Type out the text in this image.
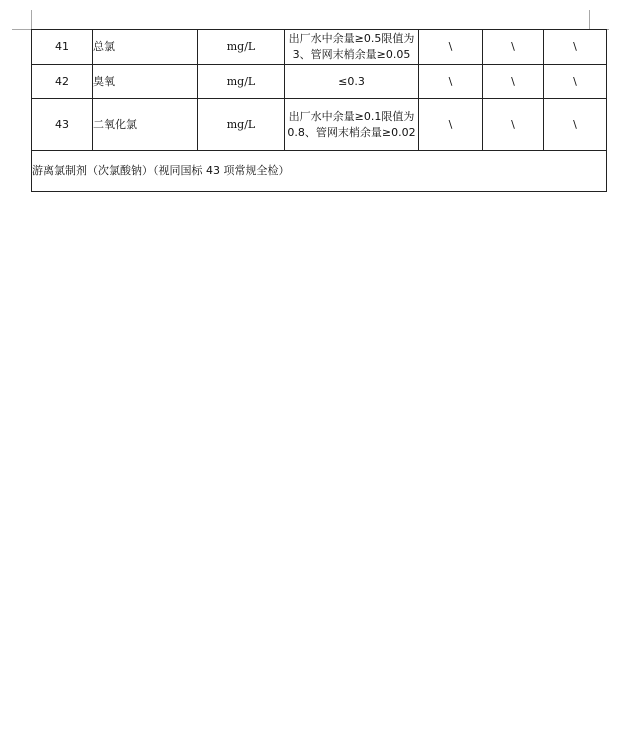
41	总氯	mg/L	出厂水中余量≥0.5限值为3、管网末梢余量≥0.05	\	\	\
42	臭氧	mg/L	≤0.3	\	\	\
43	二氧化氯	mg/L	出厂水中余量≥0.1限值为0.8、管网末梢余量≥0.02	\	\	\
游离氯制剂（次氯酸钠）（视同国标 43 项常规全检）						
